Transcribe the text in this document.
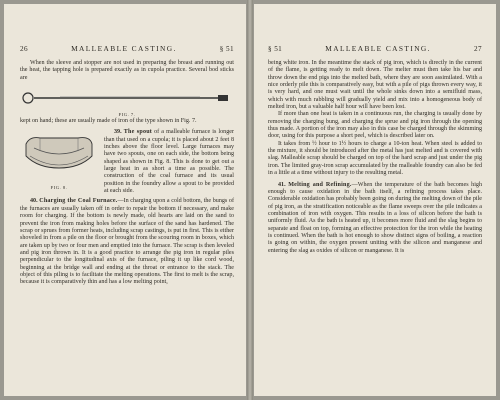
26	MALLEABLE CASTING.	§ 51

When the sleeve and stopper are not used in preparing the breast and running out the heat, the tapping hole is prepared exactly as in cupola practice. Several bod sticks are

FIG. 7.

kept on hand; these are usually made of iron of the type shown in Fig. 7.

FIG. 8.

39. The spout of a malleable furnace is longer than that used on a cupola; it is placed about 2 feet 8 inches above the floor level. Large furnaces may have two spouts, one on each side, the bottom being shaped as shown in Fig. 8. This is done to get out a large heat in as short a time as possible. The construction of the coal furnace and its usual position in the foundry allow a spout to be provided at each side.

40. Charging the Coal Furnace.—In charging upon a cold bottom, the bungs of the furnaces are usually taken off in order to repair the bottom if necessary, and make room for charging. If the bottom is newly made, old hearts are laid on the sand to prevent the iron from making holes before the surface of the sand has hardened. The scrap or sprues from former heats, including scrap castings, is put in first. This is either shoveled in from a pile on the floor or brought from the scouring room in boxes, which are taken up by two or four men and emptied into the furnace. The scrap is then leveled and pig iron thrown in. It is a good practice to arrange the pig iron in regular piles perpendicular to the longitudinal axis of the furnace, piling it up like cord wood, beginning at the bridge wall and ending at the throat or entrance to the stack. The object of this piling is to facilitate the melting operations. The first to melt is the scrap, because it is comparatively thin and has a low melting point,

§ 51	MALLEABLE CASTING.	27

being white iron. In the meantime the stack of pig iron, which is directly in the current of the flame, is getting ready to melt down. The melter must then take his bar and throw down the end pigs into the melted bath, where they are soon assimilated. With a nice orderly pile this is comparatively easy, but with a pile of pigs thrown every way, it is very hard, and one must wait until the whole sinks down into a semifluid mass, which with much rabbling will gradually yield and mix into a homogeneous body of melted iron, but a valuable half hour will have been lost.

If more than one heat is taken in a continuous run, the charging is usually done by removing the charging bung, and charging the sprue and pig iron through the opening thus made. A portion of the iron may also in this case be charged through the skimming door, using for this purpose a short peel, which is described later on.

It takes from ½ hour to 1½ hours to charge a 10-ton heat. When steel is added to the mixture, it should be introduced after the metal has just melted and is covered with slag. Malleable scrap should be charged on top of the hard scrap and just under the pig iron. The limited gray-iron scrap accumulated by the malleable foundry can also be fed in a little at a time without injury to the resulting metal.

41. Melting and Refining.—When the temperature of the bath becomes high enough to cause oxidation in the bath itself, a refining process takes place. Considerable oxidation has probably been going on during the melting down of the pile of pig iron, as the stratification noticeable as the flame sweeps over the pile indicates a combination of iron with oxygen. This results in a loss of silicon before the bath is uniformly fluid. As the bath is heated up, it becomes more fluid and the slag begins to separate and float on top, forming an effective protection for the iron while the heating is continued. When the bath is hot enough to show distinct signs of boiling, a reaction is going on within, the oxygen present uniting with the silicon and manganese and entering the slag as oxides of silicon or manganese. It is
